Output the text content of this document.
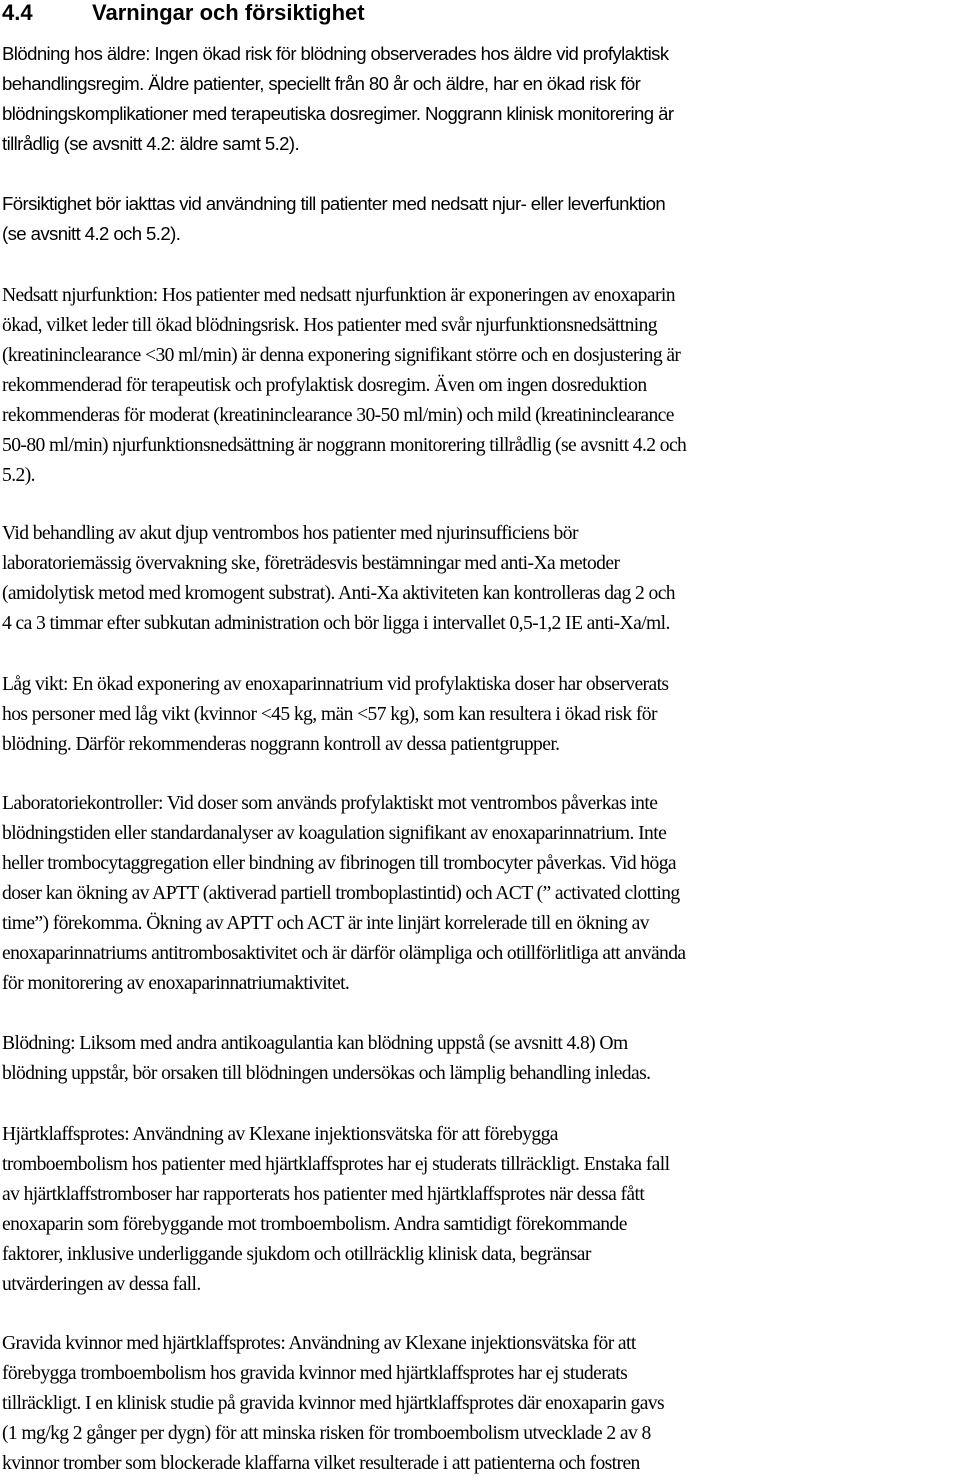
4.4	Varningar och försiktighet
Blödning hos äldre: Ingen ökad risk för blödning observerades hos äldre vid profylaktisk
behandlingsregim. Äldre patienter, speciellt från 80 år och äldre, har en ökad risk för
blödningskomplikationer med terapeutiska dosregimer. Noggrann klinisk monitorering är
tillrådlig (se avsnitt 4.2: äldre samt 5.2).
Försiktighet bör iakttas vid användning till patienter med nedsatt njur- eller leverfunktion
(se avsnitt 4.2 och 5.2).
Nedsatt njurfunktion: Hos patienter med nedsatt njurfunktion är exponeringen av enoxaparin
ökad, vilket leder till ökad blödningsrisk. Hos patienter med svår njurfunktionsnedsättning
(kreatininclearance <30 ml/min) är denna exponering signifikant större och en dosjustering är
rekommenderad för terapeutisk och profylaktisk dosregim. Även om ingen dosreduktion
rekommenderas för moderat (kreatininclearance 30-50 ml/min) och mild (kreatininclearance
50-80 ml/min) njurfunktionsnedsättning är noggrann monitorering tillrådlig (se avsnitt 4.2 och
5.2).
Vid behandling av akut djup ventrombos hos patienter med njurinsufficiens bör
laboratoriemässig övervakning ske, företrädesvis bestämningar med anti-Xa metoder
(amidolytisk metod med kromogent substrat). Anti-Xa aktiviteten kan kontrolleras dag 2 och
4 ca 3 timmar efter subkutan administration och bör ligga i intervallet 0,5-1,2 IE anti-Xa/ml.
Låg vikt: En ökad exponering av enoxaparinnatrium vid profylaktiska doser har observerats
hos personer med låg vikt (kvinnor <45 kg, män <57 kg), som kan resultera i ökad risk för
blödning. Därför rekommenderas noggrann kontroll av dessa patientgrupper.
Laboratoriekontroller: Vid doser som används profylaktiskt mot ventrombos påverkas inte
blödningstiden eller standardanalyser av koagulation signifikant av enoxaparinnatrium. Inte
heller trombocytaggregation eller bindning av fibrinogen till trombocyter påverkas. Vid höga
doser kan ökning av APTT (aktiverad partiell tromboplastintid) och ACT (” activated clotting
time”) förekomma. Ökning av APTT och ACT är inte linjärt korrelerade till en ökning av
enoxaparinnatriums antitrombosaktivitet och är därför olämpliga och otillförlitliga att använda
för monitorering av enoxaparinnatriumaktivitet.
Blödning: Liksom med andra antikoagulantia kan blödning uppstå (se avsnitt 4.8) Om
blödning uppstår, bör orsaken till blödningen undersökas och lämplig behandling inledas.
Hjärtklaffsprotes: Användning av Klexane injektionsvätska för att förebygga
tromboembolism hos patienter med hjärtklaffsprotes har ej studerats tillräckligt. Enstaka fall
av hjärtklaffstromboser har rapporterats hos patienter med hjärtklaffsprotes när dessa fått
enoxaparin som förebyggande mot tromboembolism. Andra samtidigt förekommande
faktorer, inklusive underliggande sjukdom och otillräcklig klinisk data, begränsar
utvärderingen av dessa fall.
Gravida kvinnor med hjärtklaffsprotes: Användning av Klexane injektionsvätska för att
förebygga tromboembolism hos gravida kvinnor med hjärtklaffsprotes har ej studerats
tillräckligt. I en klinisk studie på gravida kvinnor med hjärtklaffsprotes där enoxaparin gavs
(1 mg/kg 2 gånger per dygn) för att minska risken för tromboembolism utvecklade 2 av 8
kvinnor tromber som blockerade klaffarna vilket resulterade i att patienterna och fostren
